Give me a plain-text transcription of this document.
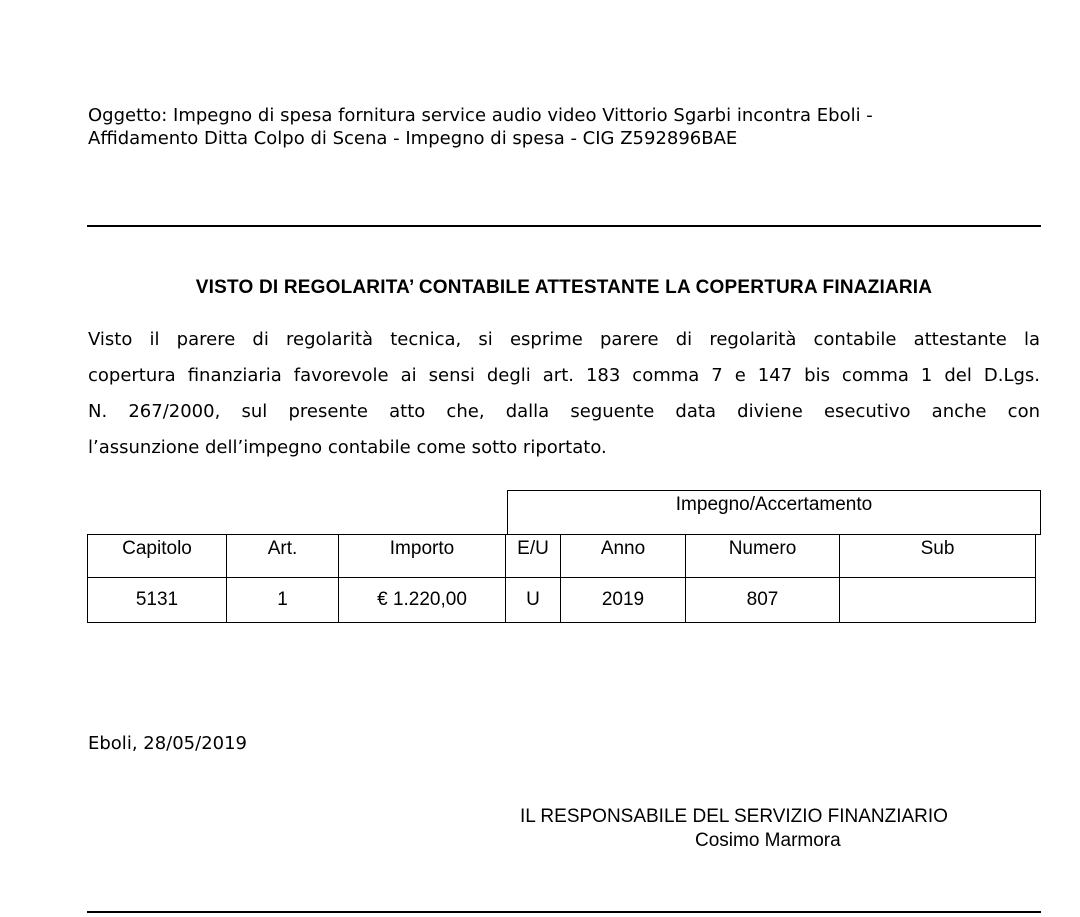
Oggetto: Impegno di spesa fornitura service audio video Vittorio Sgarbi incontra Eboli -
Affidamento Ditta Colpo di Scena - Impegno di spesa - CIG Z592896BAE
VISTO DI REGOLARITA’ CONTABILE ATTESTANTE LA COPERTURA FINAZIARIA
Visto il parere di regolarità tecnica, si esprime parere di regolarità contabile attestante la
copertura finanziaria favorevole ai sensi degli art. 183 comma 7 e 147 bis comma 1 del D.Lgs.
N. 267/2000, sul presente atto che, dalla seguente data diviene esecutivo anche con
l’assunzione dell’impegno contabile come sotto riportato.
Impegno/Accertamento
Capitolo	Art.	Importo	E/U	Anno	Numero	Sub
5131	1	€ 1.220,00	U	2019	807	
Eboli, 28/05/2019
IL RESPONSABILE DEL SERVIZIO FINANZIARIO
Cosimo Marmora
